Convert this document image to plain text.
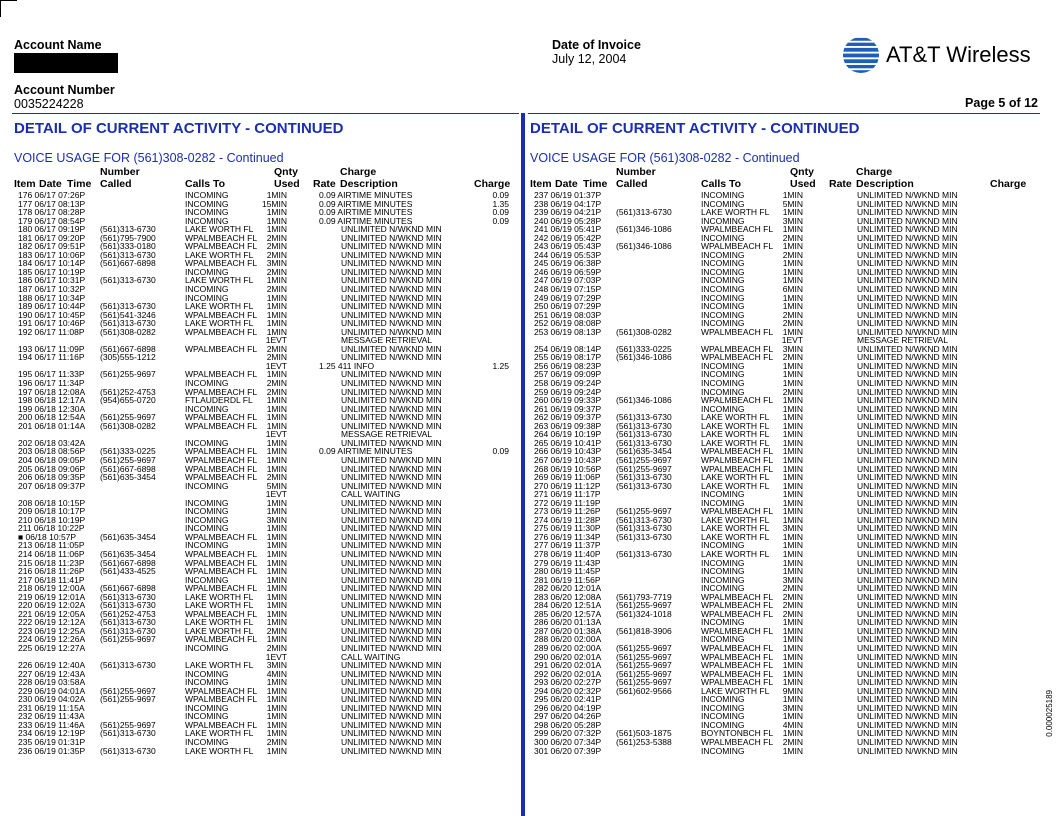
Account Name
Account Number
0035224228
Date of Invoice
July 12, 2004	AT&T Wireless
Page 5 of 12
DETAIL OF CURRENT ACTIVITY - CONTINUED
VOICE USAGE FOR (561)308-0282 - Continued
Number	Qnty	Charge
Item Date Time Called	Calls To	Used Rate Description	Charge
176 06/17 07:26P	INCOMING	1MIN	0.09 AIRTIME MINUTES	0.09
177 06/17 08:13P	INCOMING	15MIN	0.09 AIRTIME MINUTES	1.35
178 06/17 08:28P	INCOMING	1MIN	0.09 AIRTIME MINUTES	0.09
179 06/17 08:54P	INCOMING	1MIN	0.09 AIRTIME MINUTES	0.09
180 06/17 09:19P (561)313-6730	LAKE WORTH FL 1MIN	UNLIMITED N/WKND MIN
181 06/17 09:20P (561)795-7900	WPALMBEACH FL 2MIN	UNLIMITED N/WKND MIN
182 06/17 09:51P (561)333-0180	WPALMBEACH FL 2MIN	UNLIMITED N/WKND MIN
183 06/17 10:06P (561)313-6730	LAKE WORTH FL 2MIN	UNLIMITED N/WKND MIN
184 06/17 10:14P (561)667-6898	WPALMBEACH FL 3MIN	UNLIMITED N/WKND MIN
185 06/17 10:19P	INCOMING	2MIN	UNLIMITED N/WKND MIN
186 06/17 10:31P (561)313-6730	LAKE WORTH FL 1MIN	UNLIMITED N/WKND MIN
187 06/17 10:32P	INCOMING	2MIN	UNLIMITED N/WKND MIN
188 06/17 10:34P	INCOMING	1MIN	UNLIMITED N/WKND MIN
189 06/17 10:44P (561)313-6730	LAKE WORTH FL 1MIN	UNLIMITED N/WKND MIN
190 06/17 10:45P (561)541-3246	WPALMBEACH FL 1MIN	UNLIMITED N/WKND MIN
191 06/17 10:46P (561)313-6730	LAKE WORTH FL 1MIN	UNLIMITED N/WKND MIN
192 06/17 11:08P (561)308-0282	WPALMBEACH FL 1MIN	UNLIMITED N/WKND MIN
1EVT	MESSAGE RETRIEVAL
193 06/17 11:09P (561)667-6898	WPALMBEACH FL 2MIN	UNLIMITED N/WKND MIN
194 06/17 11:16P (305)555-1212	2MIN	UNLIMITED N/WKND MIN
1EVT	1.25 411 INFO	1.25
195 06/17 11:33P (561)255-9697	WPALMBEACH FL 1MIN	UNLIMITED N/WKND MIN
196 06/17 11:34P	INCOMING	2MIN	UNLIMITED N/WKND MIN
197 06/18 12:08A (561)252-4753	WPALMBEACH FL 2MIN	UNLIMITED N/WKND MIN
198 06/18 12:17A (954)655-0720	FTLAUDERDL FL 1MIN	UNLIMITED N/WKND MIN
199 06/18 12:30A	INCOMING	1MIN	UNLIMITED N/WKND MIN
200 06/18 12:54A (561)255-9697	WPALMBEACH FL 1MIN	UNLIMITED N/WKND MIN
201 06/18 01:14A (561)308-0282	WPALMBEACH FL 1MIN	UNLIMITED N/WKND MIN
1EVT	MESSAGE RETRIEVAL
202 06/18 03:42A	INCOMING	1MIN	UNLIMITED N/WKND MIN
203 06/18 08:56P (561)333-0225	WPALMBEACH FL 1MIN	0.09 AIRTIME MINUTES	0.09
204 06/18 09:05P (561)255-9697	WPALMBEACH FL 1MIN	UNLIMITED N/WKND MIN
205 06/18 09:06P (561)667-6898	WPALMBEACH FL 1MIN	UNLIMITED N/WKND MIN
206 06/18 09:35P (561)635-3454	WPALMBEACH FL 2MIN	UNLIMITED N/WKND MIN
207 06/18 09:37P	INCOMING	5MIN	UNLIMITED N/WKND MIN
1EVT	CALL WAITING
208 06/18 10:15P	INCOMING	1MIN	UNLIMITED N/WKND MIN
209 06/18 10:17P	INCOMING	1MIN	UNLIMITED N/WKND MIN
210 06/18 10:19P	INCOMING	3MIN	UNLIMITED N/WKND MIN
211 06/18 10:22P	INCOMING	1MIN	UNLIMITED N/WKND MIN
■ 06/18 10:57P	(561)635-3454	WPALMBEACH FL 1MIN	UNLIMITED N/WKND MIN
213 06/18 11:05P	INCOMING	1MIN	UNLIMITED N/WKND MIN
214 06/18 11:06P (561)635-3454	WPALMBEACH FL 1MIN	UNLIMITED N/WKND MIN
215 06/18 11:23P (561)667-6898	WPALMBEACH FL 1MIN	UNLIMITED N/WKND MIN
216 06/18 11:26P (561)433-4525	WPALMBEACH FL 1MIN	UNLIMITED N/WKND MIN
217 06/18 11:41P	INCOMING	1MIN	UNLIMITED N/WKND MIN
218 06/19 12:00A (561)667-6898	WPALMBEACH FL 1MIN	UNLIMITED N/WKND MIN
219 06/19 12:01A (561)313-6730	LAKE WORTH FL 1MIN	UNLIMITED N/WKND MIN
220 06/19 12:02A (561)313-6730	LAKE WORTH FL 1MIN	UNLIMITED N/WKND MIN
221 06/19 12:05A (561)252-4753	WPALMBEACH FL 1MIN	UNLIMITED N/WKND MIN
222 06/19 12:12A (561)313-6730	LAKE WORTH FL 1MIN	UNLIMITED N/WKND MIN
223 06/19 12:25A (561)313-6730	LAKE WORTH FL 2MIN	UNLIMITED N/WKND MIN
224 06/19 12:26A (561)255-9697	WPALMBEACH FL 1MIN	UNLIMITED N/WKND MIN
225 06/19 12:27A	INCOMING	2MIN	UNLIMITED N/WKND MIN
1EVT	CALL WAITING
226 06/19 12:40A (561)313-6730	LAKE WORTH FL 3MIN	UNLIMITED N/WKND MIN
227 06/19 12:43A	INCOMING	4MIN	UNLIMITED N/WKND MIN
228 06/19 03:58A	INCOMING	1MIN	UNLIMITED N/WKND MIN
229 06/19 04:01A (561)255-9697	WPALMBEACH FL 1MIN	UNLIMITED N/WKND MIN
230 06/19 04:02A (561)255-9697	WPALMBEACH FL 1MIN	UNLIMITED N/WKND MIN
231 06/19 11:15A	INCOMING	1MIN	UNLIMITED N/WKND MIN
232 06/19 11:43A	INCOMING	1MIN	UNLIMITED N/WKND MIN
233 06/19 11:46A (561)255-9697	WPALMBEACH FL 1MIN	UNLIMITED N/WKND MIN
234 06/19 12:19P (561)313-6730	LAKE WORTH FL 1MIN	UNLIMITED N/WKND MIN
235 06/19 01:31P	INCOMING	2MIN	UNLIMITED N/WKND MIN
236 06/19 01:35P (561)313-6730	LAKE WORTH FL 1MIN	UNLIMITED N/WKND MIN
DETAIL OF CURRENT ACTIVITY - CONTINUED
VOICE USAGE FOR (561)308-0282 - Continued
Number	Qnty	Charge
Item Date Time Called	Calls To	Used Rate Description	Charge
237 06/19 01:37P	INCOMING	1MIN	UNLIMITED N/WKND MIN
238 06/19 04:17P	INCOMING	5MIN	UNLIMITED N/WKND MIN
239 06/19 04:21P (561)313-6730	LAKE WORTH FL 1MIN	UNLIMITED N/WKND MIN
240 06/19 05:28P	INCOMING	3MIN	UNLIMITED N/WKND MIN
241 06/19 05:41P (561)346-1086	WPALMBEACH FL 1MIN	UNLIMITED N/WKND MIN
242 06/19 05:42P	INCOMING	2MIN	UNLIMITED N/WKND MIN
243 06/19 05:43P (561)346-1086	WPALMBEACH FL 1MIN	UNLIMITED N/WKND MIN
244 06/19 05:53P	INCOMING	2MIN	UNLIMITED N/WKND MIN
245 06/19 06:38P	INCOMING	1MIN	UNLIMITED N/WKND MIN
246 06/19 06:59P	INCOMING	1MIN	UNLIMITED N/WKND MIN
247 06/19 07:03P	INCOMING	1MIN	UNLIMITED N/WKND MIN
248 06/19 07:15P	INCOMING	6MIN	UNLIMITED N/WKND MIN
249 06/19 07:29P	INCOMING	1MIN	UNLIMITED N/WKND MIN
250 06/19 07:29P	INCOMING	1MIN	UNLIMITED N/WKND MIN
251 06/19 08:03P	INCOMING	2MIN	UNLIMITED N/WKND MIN
252 06/19 08:08P	INCOMING	2MIN	UNLIMITED N/WKND MIN
253 06/19 08:13P (561)308-0282	WPALMBEACH FL 1MIN	UNLIMITED N/WKND MIN
1EVT	MESSAGE RETRIEVAL
254 06/19 08:14P (561)333-0225	WPALMBEACH FL 3MIN	UNLIMITED N/WKND MIN
255 06/19 08:17P (561)346-1086	WPALMBEACH FL 2MIN	UNLIMITED N/WKND MIN
256 06/19 08:23P	INCOMING	1MIN	UNLIMITED N/WKND MIN
257 06/19 09:09P	INCOMING	1MIN	UNLIMITED N/WKND MIN
258 06/19 09:24P	INCOMING	1MIN	UNLIMITED N/WKND MIN
259 06/19 09:24P	INCOMING	2MIN	UNLIMITED N/WKND MIN
260 06/19 09:33P (561)346-1086	WPALMBEACH FL 1MIN	UNLIMITED N/WKND MIN
261 06/19 09:37P	INCOMING	1MIN	UNLIMITED N/WKND MIN
262 06/19 09:37P (561)313-6730	LAKE WORTH FL 1MIN	UNLIMITED N/WKND MIN
263 06/19 09:38P (561)313-6730	LAKE WORTH FL 1MIN	UNLIMITED N/WKND MIN
264 06/19 10:19P (561)313-6730	LAKE WORTH FL 1MIN	UNLIMITED N/WKND MIN
265 06/19 10:41P (561)313-6730	LAKE WORTH FL 1MIN	UNLIMITED N/WKND MIN
266 06/19 10:43P (561)635-3454	WPALMBEACH FL 1MIN	UNLIMITED N/WKND MIN
267 06/19 10:43P (561)255-9697	WPALMBEACH FL 1MIN	UNLIMITED N/WKND MIN
268 06/19 10:56P (561)255-9697	WPALMBEACH FL 1MIN	UNLIMITED N/WKND MIN
269 06/19 11:06P (561)313-6730	LAKE WORTH FL 1MIN	UNLIMITED N/WKND MIN
270 06/19 11:12P (561)313-6730	LAKE WORTH FL 1MIN	UNLIMITED N/WKND MIN
271 06/19 11:17P	INCOMING	1MIN	UNLIMITED N/WKND MIN
272 06/19 11:19P	INCOMING	1MIN	UNLIMITED N/WKND MIN
273 06/19 11:26P (561)255-9697	WPALMBEACH FL 1MIN	UNLIMITED N/WKND MIN
274 06/19 11:28P (561)313-6730	LAKE WORTH FL 1MIN	UNLIMITED N/WKND MIN
275 06/19 11:30P (561)313-6730	LAKE WORTH FL 3MIN	UNLIMITED N/WKND MIN
276 06/19 11:34P (561)313-6730	LAKE WORTH FL 1MIN	UNLIMITED N/WKND MIN
277 06/19 11:37P	INCOMING	1MIN	UNLIMITED N/WKND MIN
278 06/19 11:40P (561)313-6730	LAKE WORTH FL 1MIN	UNLIMITED N/WKND MIN
279 06/19 11:43P	INCOMING	1MIN	UNLIMITED N/WKND MIN
280 06/19 11:45P	INCOMING	1MIN	UNLIMITED N/WKND MIN
281 06/19 11:56P	INCOMING	3MIN	UNLIMITED N/WKND MIN
282 06/20 12:01A	INCOMING	2MIN	UNLIMITED N/WKND MIN
283 06/20 12:08A (561)793-7719	WPALMBEACH FL 2MIN	UNLIMITED N/WKND MIN
284 06/20 12:51A (561)255-9697	WPALMBEACH FL 2MIN	UNLIMITED N/WKND MIN
285 06/20 12:57A (561)324-1018	WPALMBEACH FL 2MIN	UNLIMITED N/WKND MIN
286 06/20 01:13A	INCOMING	1MIN	UNLIMITED N/WKND MIN
287 06/20 01:38A (561)818-3906	WPALMBEACH FL 1MIN	UNLIMITED N/WKND MIN
288 06/20 02:00A	INCOMING	1MIN	UNLIMITED N/WKND MIN
289 06/20 02:00A (561)255-9697	WPALMBEACH FL 1MIN	UNLIMITED N/WKND MIN
290 06/20 02:01A (561)255-9697	WPALMBEACH FL 1MIN	UNLIMITED N/WKND MIN
291 06/20 02:01A (561)255-9697	WPALMBEACH FL 1MIN	UNLIMITED N/WKND MIN
292 06/20 02:01A (561)255-9697	WPALMBEACH FL 1MIN	UNLIMITED N/WKND MIN
293 06/20 02:27P (561)255-9697	WPALMBEACH FL 1MIN	UNLIMITED N/WKND MIN
294 06/20 02:32P (561)602-9566	LAKE WORTH FL 9MIN	UNLIMITED N/WKND MIN
295 06/20 02:41P	INCOMING	1MIN	UNLIMITED N/WKND MIN
296 06/20 04:19P	INCOMING	3MIN	UNLIMITED N/WKND MIN
297 06/20 04:26P	INCOMING	1MIN	UNLIMITED N/WKND MIN
298 06/20 05:28P	INCOMING	4MIN	UNLIMITED N/WKND MIN
299 06/20 07:32P (561)503-1875	BOYNTONBCH FL 1MIN	UNLIMITED N/WKND MIN
300 06/20 07:34P (561)253-5388	WPALMBEACH FL 2MIN	UNLIMITED N/WKND MIN
301 06/20 07:39P	INCOMING	1MIN	UNLIMITED N/WKND MIN
0.000025189
